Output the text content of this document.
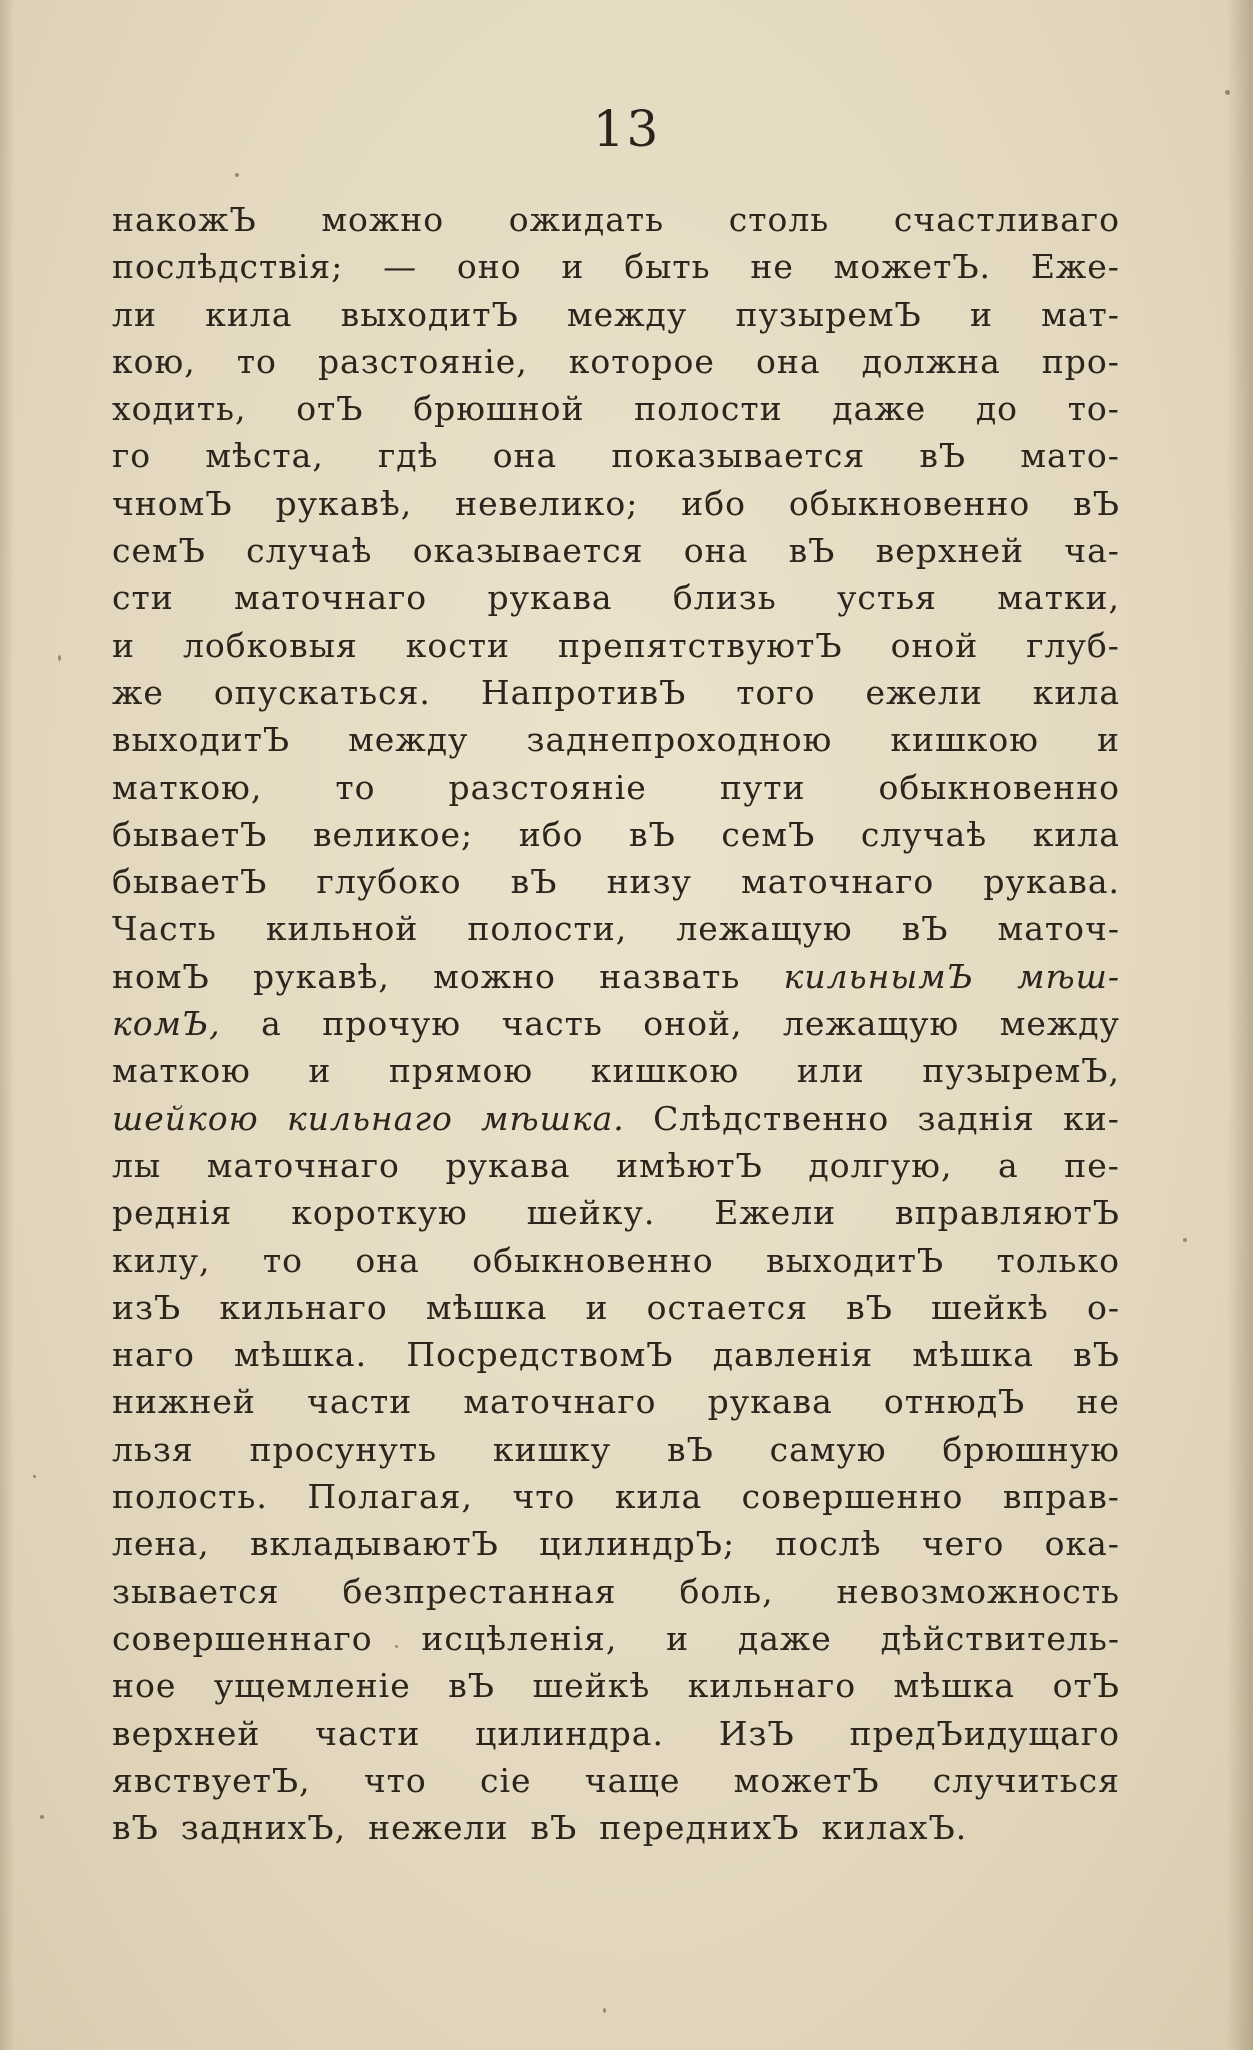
13
накожЪ можно ожидать столь счастливаго
послѣдствія; — оно и быть не можетЪ. Еже-
ли кила выходитЪ между пузыремЪ и мат-
кою, то разстояніе, которое она должна про-
ходить, отЪ брюшной полости даже до то-
го мѣста, гдѣ она показывается вЪ мато-
чномЪ рукавѣ, невелико; ибо обыкновенно вЪ
семЪ случаѣ оказывается она вЪ верхней ча-
сти маточнаго рукава близь устья матки,
и лобковыя кости препятствуютЪ оной глуб-
же опускаться. НапротивЪ того ежели кила
выходитЪ между заднепроходною кишкою и
маткою, то разстояніе пути обыкновенно
бываетЪ великое; ибо вЪ семЪ случаѣ кила
бываетЪ глубоко вЪ низу маточнаго рукава.
Часть кильной полости, лежащую вЪ маточ-
номЪ рукавѣ, можно назвать кильнымЪ мѣш-
комЪ, а прочую часть оной, лежащую между
маткою и прямою кишкою или пузыремЪ,
шейкою кильнаго мѣшка. Слѣдственно заднія ки-
лы маточнаго рукава имѣютЪ долгую, а пе-
реднія короткую шейку. Ежели вправляютЪ
килу, то она обыкновенно выходитЪ только
изЪ кильнаго мѣшка и остается вЪ шейкѣ о-
наго мѣшка. ПосредствомЪ давленія мѣшка вЪ
нижней части маточнаго рукава отнюдЪ не
льзя просунуть кишку вЪ самую брюшную
полость. Полагая, что кила совершенно вправ-
лена, вкладываютЪ цилиндрЪ; послѣ чего ока-
зывается безпрестанная боль, невозможность
совершеннаго исцѣленія, и даже дѣйствитель-
ное ущемленіе вЪ шейкѣ кильнаго мѣшка отЪ
верхней части цилиндра. ИзЪ предЪидущаго
явствуетЪ, что сіе чаще можетЪ случиться
вЪ заднихЪ, нежели вЪ переднихЪ килахЪ.
